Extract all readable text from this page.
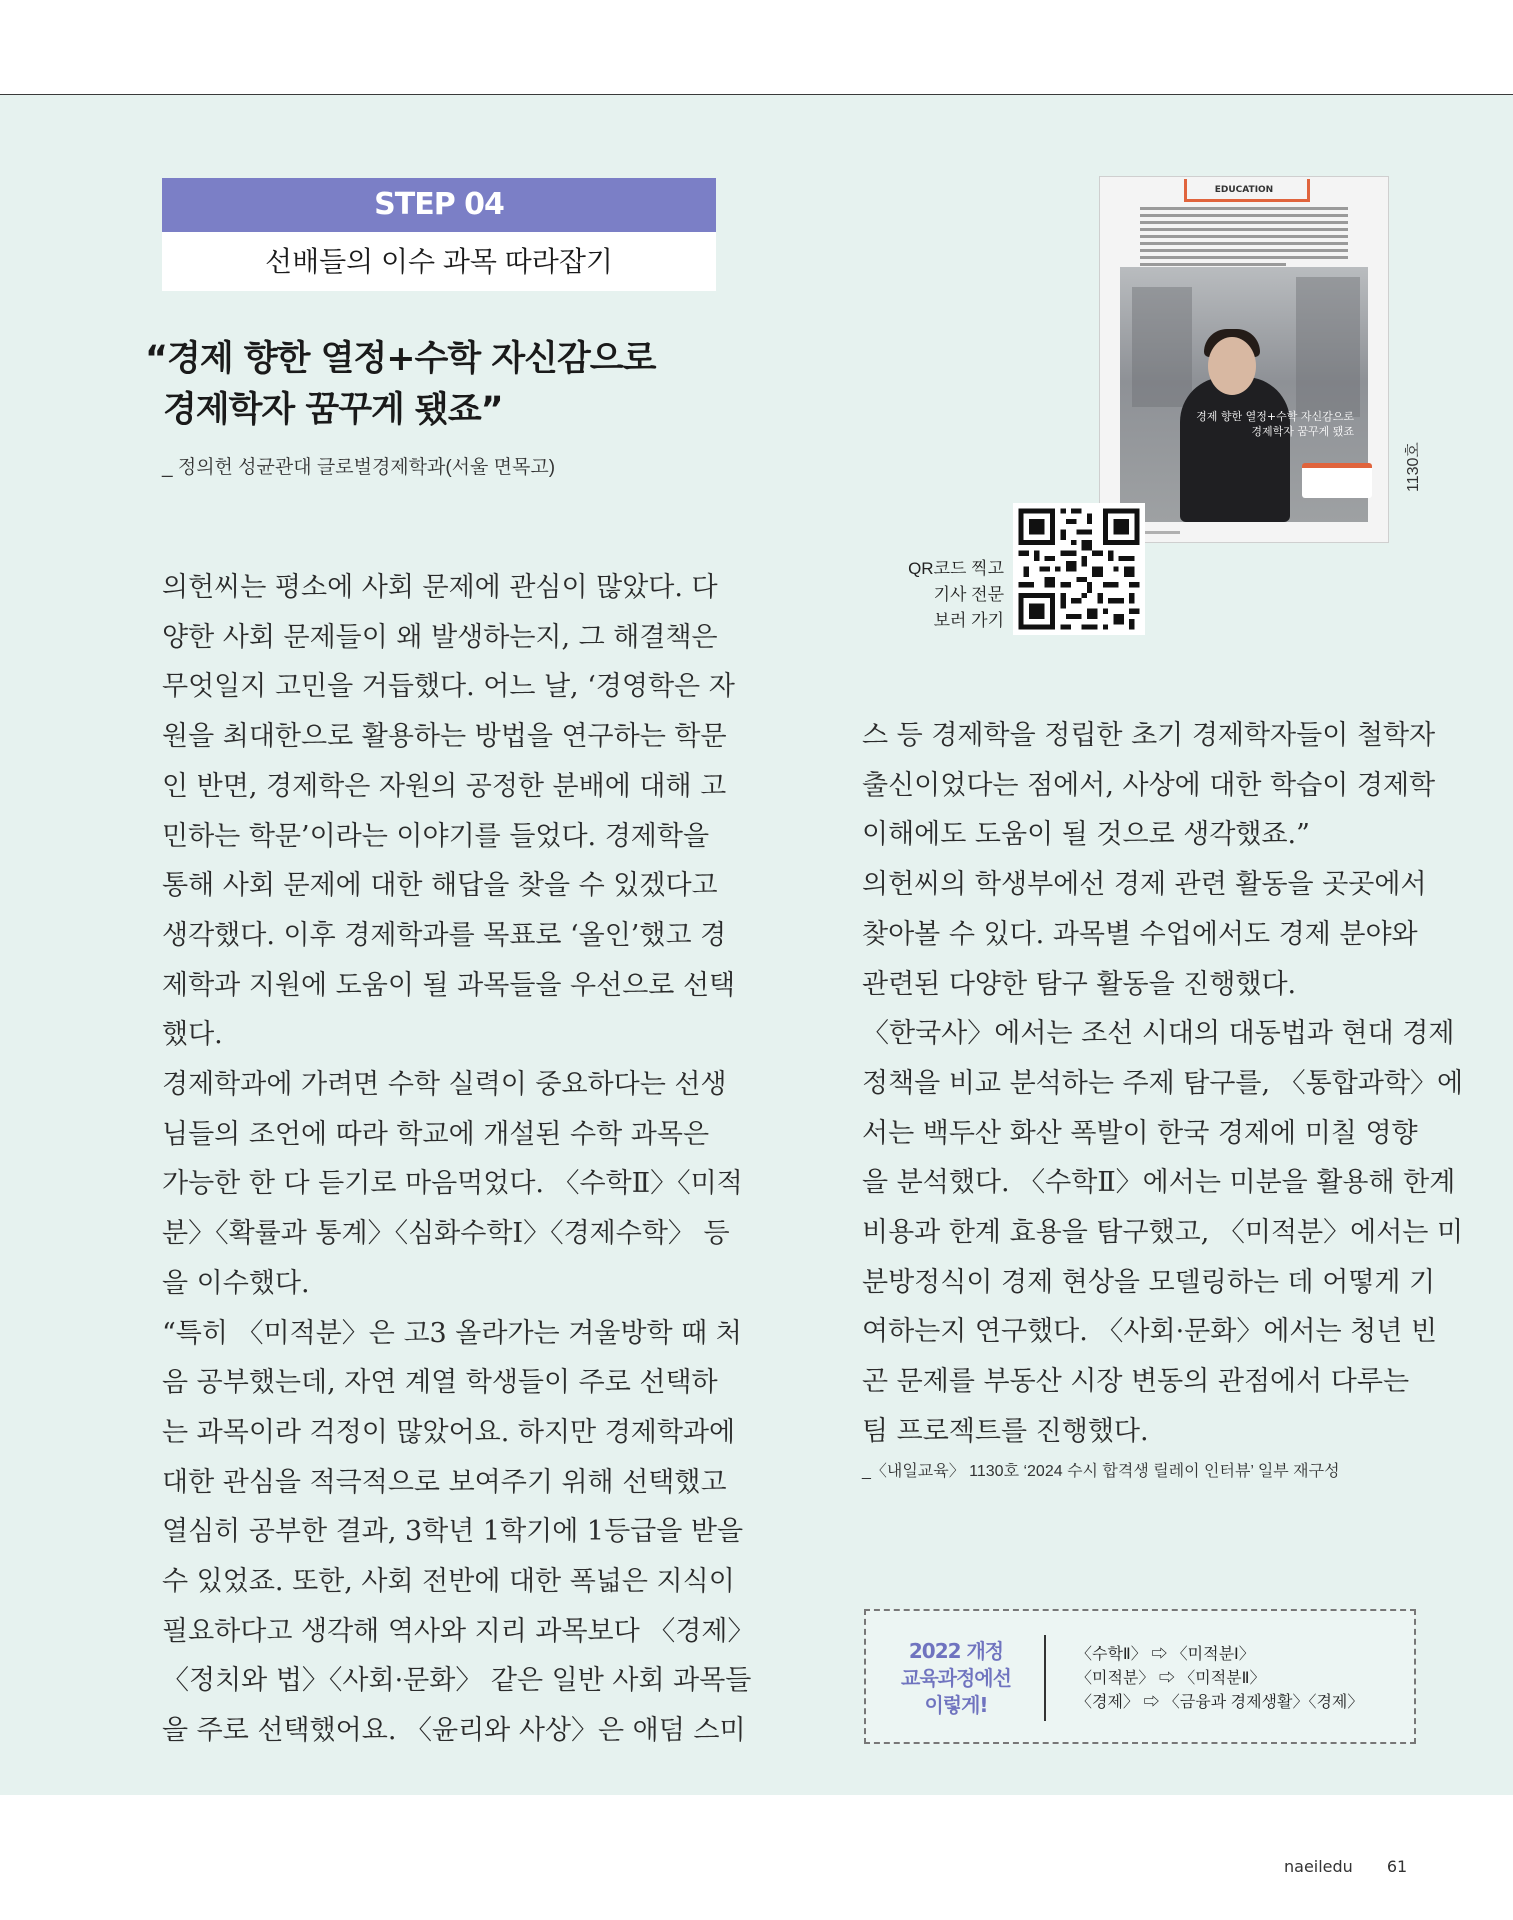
STEP 04
선배들의 이수 과목 따라잡기
“경제 향한 열정+수학 자신감으로
경제학자 꿈꾸게 됐죠”
_ 정의헌 성균관대 글로벌경제학과(서울 면목고)
EDUCATION
경제 향한 열정+수학 자신감으로
경제학자 꿈꾸게 됐죠
1130호
QR코드 찍고
기사 전문
보러 가기

의헌씨는 평소에 사회 문제에 관심이 많았다. 다

양한 사회 문제들이 왜 발생하는지, 그 해결책은

무엇일지 고민을 거듭했다. 어느 날, ‘경영학은 자

원을 최대한으로 활용하는 방법을 연구하는 학문

인 반면, 경제학은 자원의 공정한 분배에 대해 고

민하는 학문’이라는 이야기를 들었다. 경제학을

통해 사회 문제에 대한 해답을 찾을 수 있겠다고

생각했다. 이후 경제학과를 목표로 ‘올인’했고 경

제학과 지원에 도움이 될 과목들을 우선으로 선택

했다.

경제학과에 가려면 수학 실력이 중요하다는 선생

님들의 조언에 따라 학교에 개설된 수학 과목은

가능한 한 다 듣기로 마음먹었다. 〈수학Ⅱ〉〈미적

분〉〈확률과 통계〉〈심화수학Ⅰ〉〈경제수학〉 등

을 이수했다.

“특히 〈미적분〉은 고3 올라가는 겨울방학 때 처

음 공부했는데, 자연 계열 학생들이 주로 선택하

는 과목이라 걱정이 많았어요. 하지만 경제학과에

대한 관심을 적극적으로 보여주기 위해 선택했고

열심히 공부한 결과, 3학년 1학기에 1등급을 받을

수 있었죠. 또한, 사회 전반에 대한 폭넓은 지식이

필요하다고 생각해 역사와 지리 과목보다 〈경제〉

〈정치와 법〉〈사회·문화〉 같은 일반 사회 과목들

을 주로 선택했어요. 〈윤리와 사상〉은 애덤 스미

스 등 경제학을 정립한 초기 경제학자들이 철학자

출신이었다는 점에서, 사상에 대한 학습이 경제학

이해에도 도움이 될 것으로 생각했죠.”

의헌씨의 학생부에선 경제 관련 활동을 곳곳에서

찾아볼 수 있다. 과목별 수업에서도 경제 분야와

관련된 다양한 탐구 활동을 진행했다.

〈한국사〉에서는 조선 시대의 대동법과 현대 경제

정책을 비교 분석하는 주제 탐구를, 〈통합과학〉에

서는 백두산 화산 폭발이 한국 경제에 미칠 영향

을 분석했다. 〈수학Ⅱ〉에서는 미분을 활용해 한계

비용과 한계 효용을 탐구했고, 〈미적분〉에서는 미

분방정식이 경제 현상을 모델링하는 데 어떻게 기

여하는지 연구했다. 〈사회·문화〉에서는 청년 빈

곤 문제를 부동산 시장 변동의 관점에서 다루는

팀 프로젝트를 진행했다.

_〈내일교육〉 1130호 ‘2024 수시 합격생 릴레이 인터뷰’ 일부 재구성
2022 개정
교육과정에선
이렇게!
〈수학Ⅱ〉 ⇨ 〈미적분Ⅰ〉
〈미적분〉 ⇨ 〈미적분Ⅱ〉
〈경제〉 ⇨ 〈금융과 경제생활〉〈경제〉
naeiledu 61
